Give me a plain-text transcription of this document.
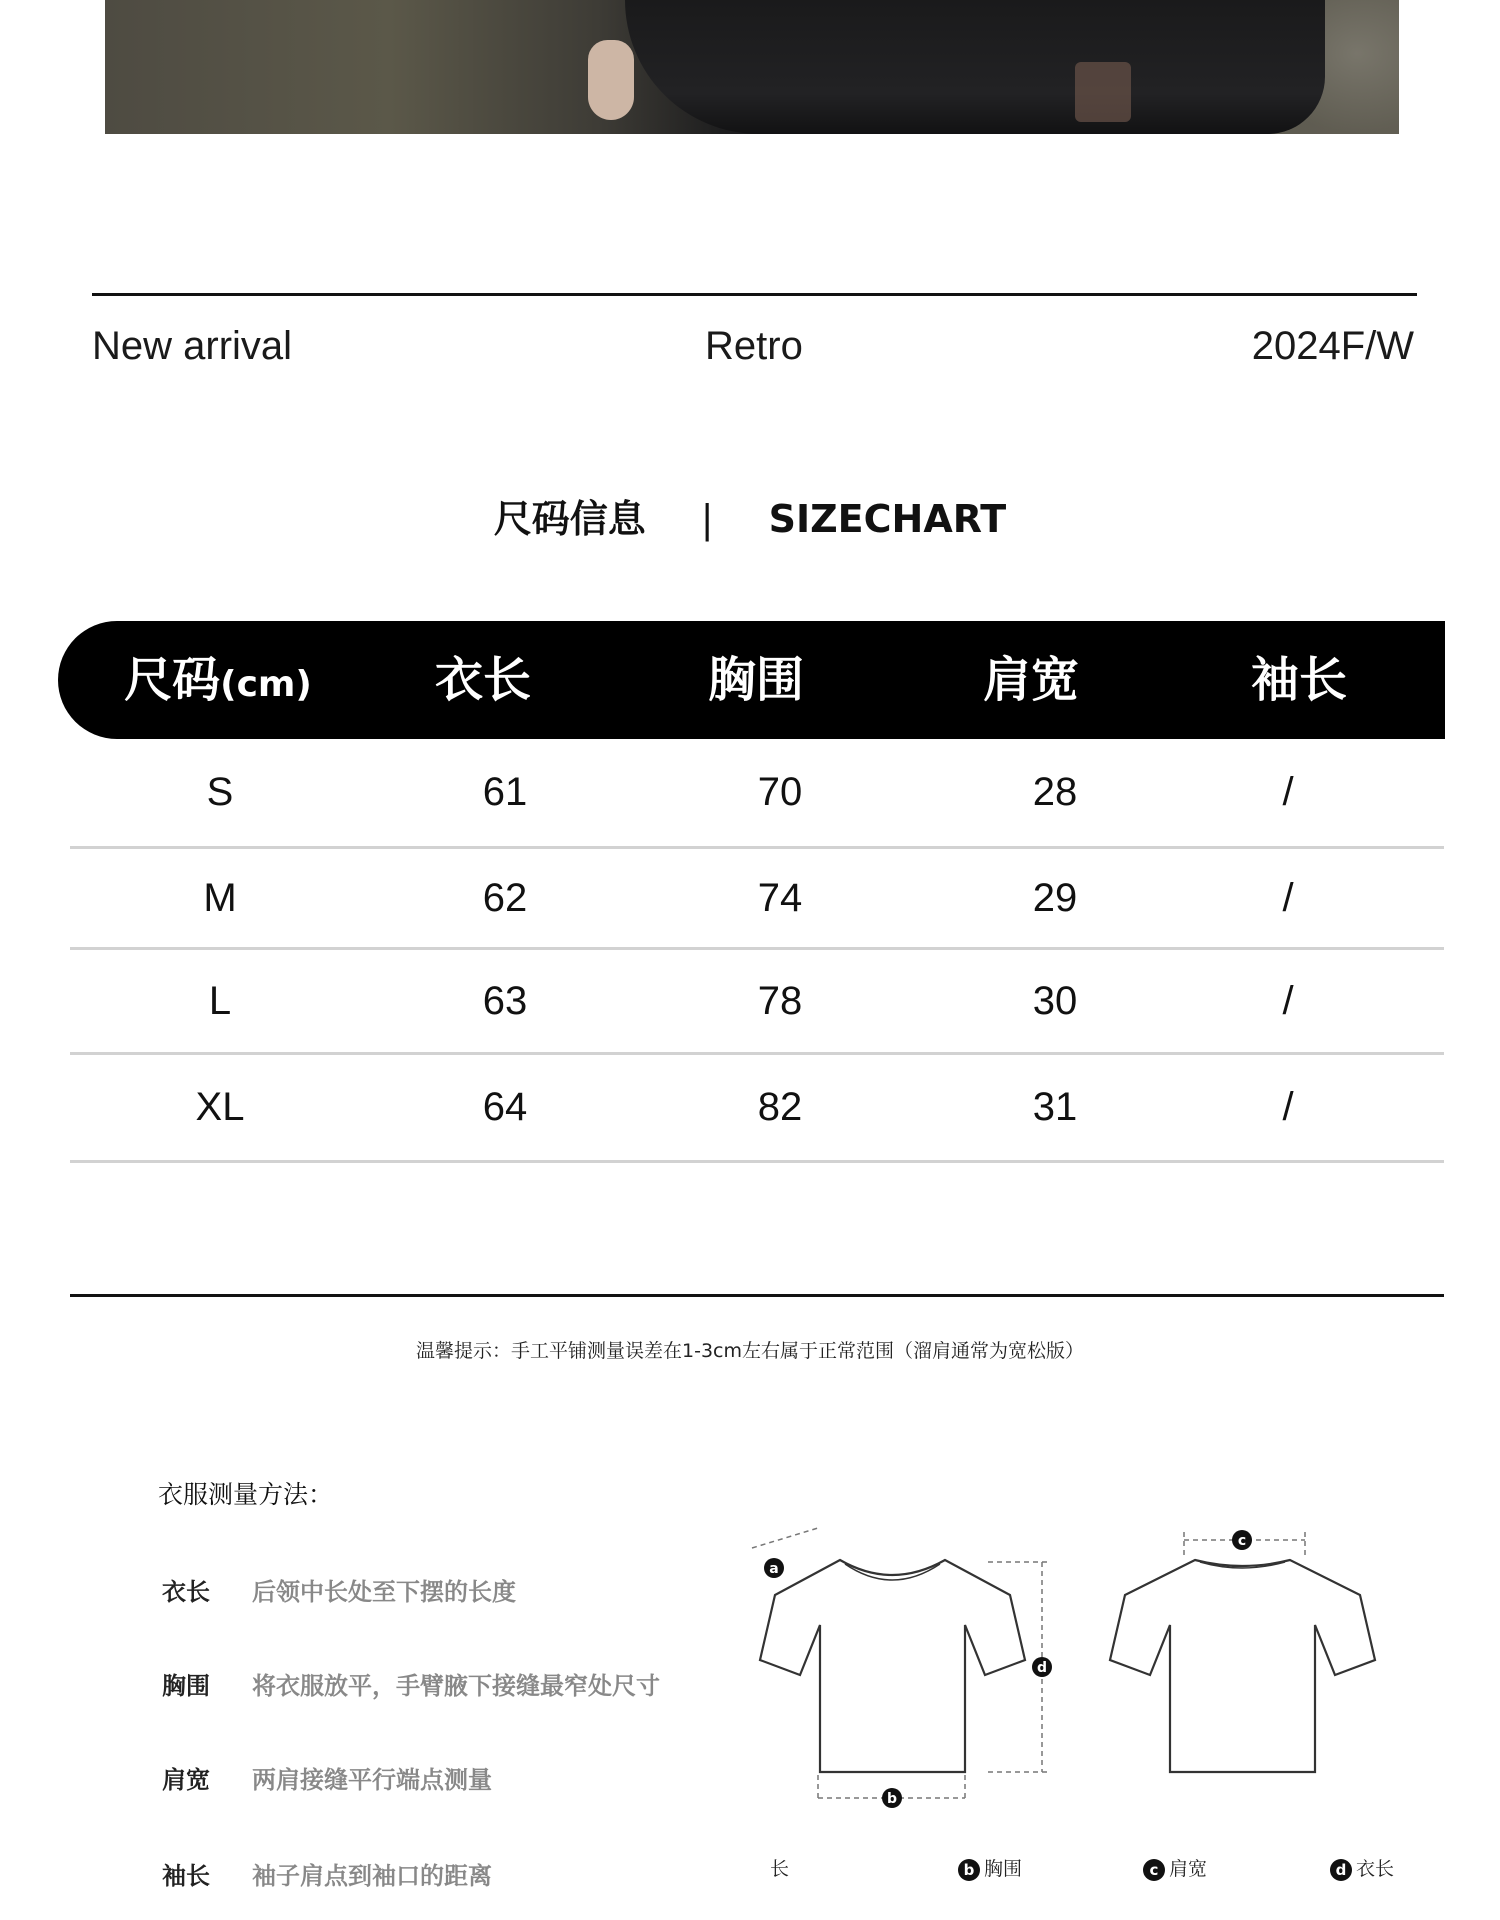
New arrival	Retro	2024F/W
尺码信息 | SIZECHART
尺码(cm)	衣长	胸围	肩宽	袖长
S	61	70	28	/
M	62	74	29	/
L	63	78	30	/
XL	64	82	31	/
温馨提示：手工平铺测量误差在1-3cm左右属于正常范围（溜肩通常为宽松版）
衣服测量方法：
衣长 后领中长处至下摆的长度
胸围 将衣服放平，手臂腋下接缝最窄处尺寸
肩宽 两肩接缝平行端点测量
袖长 袖子肩点到袖口的距离
a
b
c
d
长	b 胸围	c 肩宽	d 衣长
